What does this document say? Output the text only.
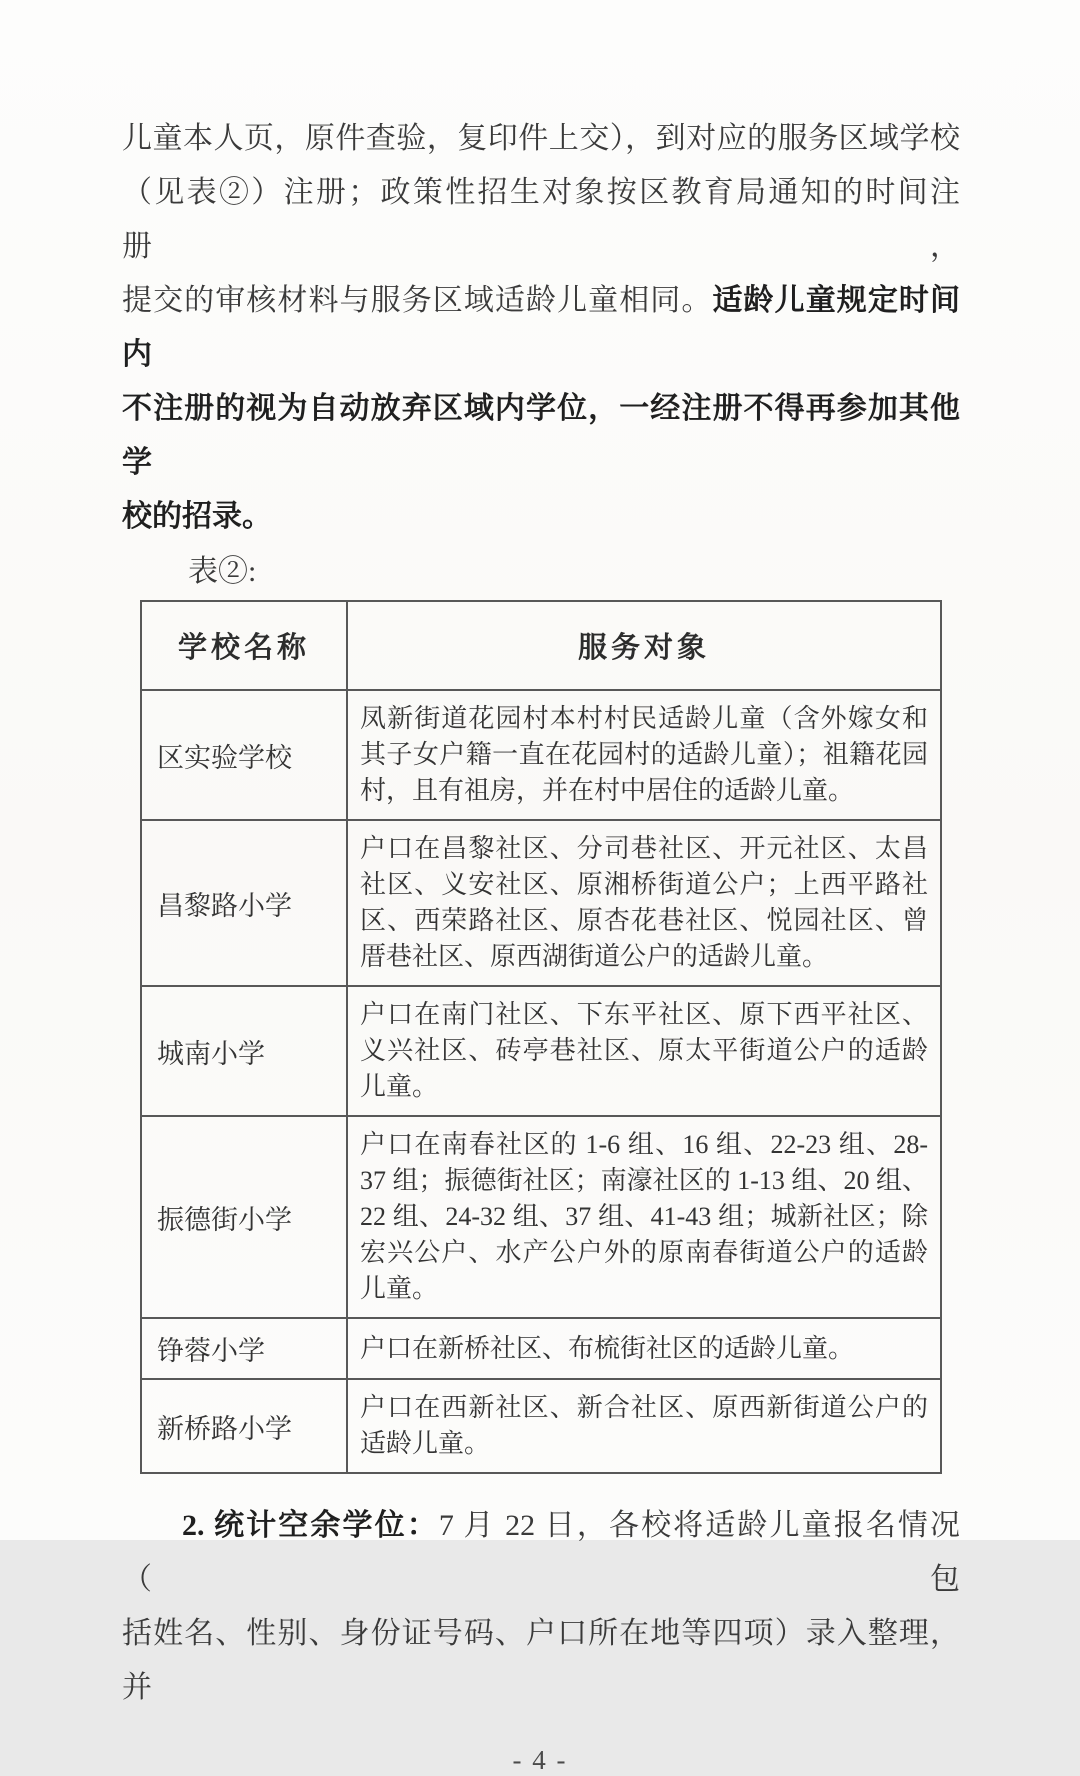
儿童本人页，原件查验，复印件上交），到对应的服务区域学校
（见表②）注册；政策性招生对象按区教育局通知的时间注册，
提交的审核材料与服务区域适龄儿童相同。适龄儿童规定时间内
不注册的视为自动放弃区域内学位，一经注册不得再参加其他学
校的招录。
表②:
学校名称	服务对象
区实验学校	凤新街道花园村本村村民适龄儿童（含外嫁女和其子女户籍一直在花园村的适龄儿童）；祖籍花园村，且有祖房，并在村中居住的适龄儿童。
昌黎路小学	户口在昌黎社区、分司巷社区、开元社区、太昌社区、义安社区、原湘桥街道公户；上西平路社区、西荣路社区、原杏花巷社区、悦园社区、曾厝巷社区、原西湖街道公户的适龄儿童。
城南小学	户口在南门社区、下东平社区、原下西平社区、义兴社区、砖亭巷社区、原太平街道公户的适龄儿童。
振德街小学	户口在南春社区的 1-6 组、16 组、22-23 组、28-37 组；振德街社区；南濠社区的 1-13 组、20 组、22 组、24-32 组、37 组、41-43 组；城新社区；除宏兴公户、水产公户外的原南春街道公户的适龄儿童。
铮蓉小学	户口在新桥社区、布梳街社区的适龄儿童。
新桥路小学	户口在西新社区、新合社区、原西新街道公户的适龄儿童。
2. 统计空余学位：7 月 22 日，各校将适龄儿童报名情况（包
括姓名、性别、身份证号码、户口所在地等四项）录入整理，并
- 4 -
